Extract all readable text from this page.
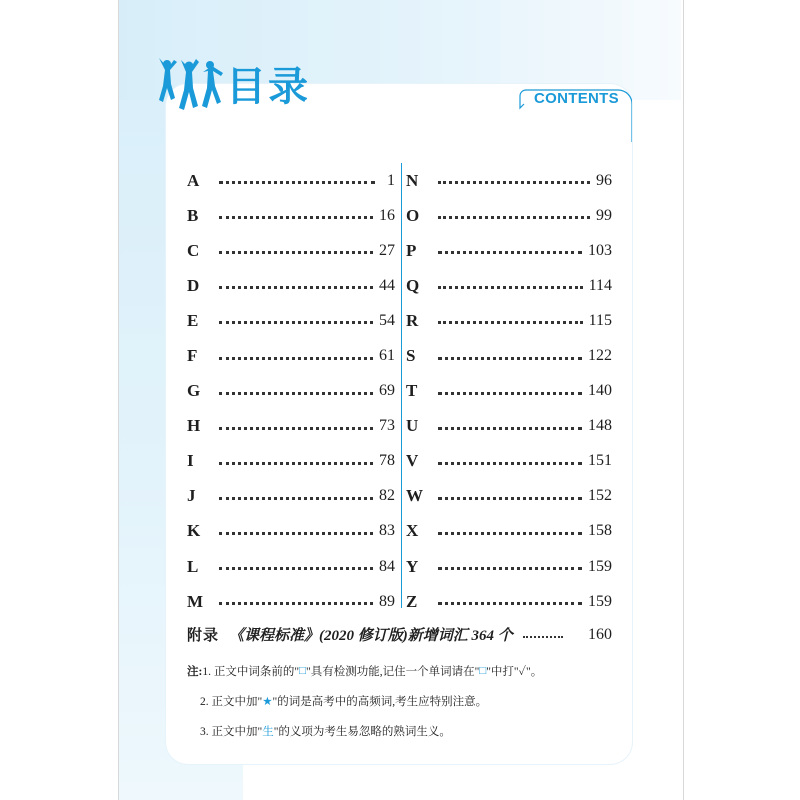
目录	CONTENTS
A	1
B	16
C	27
D	44
E	54
F	61
G	69
H	73
I	78
J	82
K	83
L	84
M	89
N	96
O	99
P	103
Q	114
R	115
S	122
T	140
U	148
V	151
W	152
X	158
Y	159
Z	159
附录 《课程标准》(2020 修订版)新增词汇 364 个	160
注: 1. 正文中词条前的" □ "具有检测功能,记住一个单词请在" □ "中打"✓"。
2. 正文中加" ★ "的词是高考中的高频词,考生应特别注意。
3. 正文中加" 生 "的义项为考生易忽略的熟词生义。
